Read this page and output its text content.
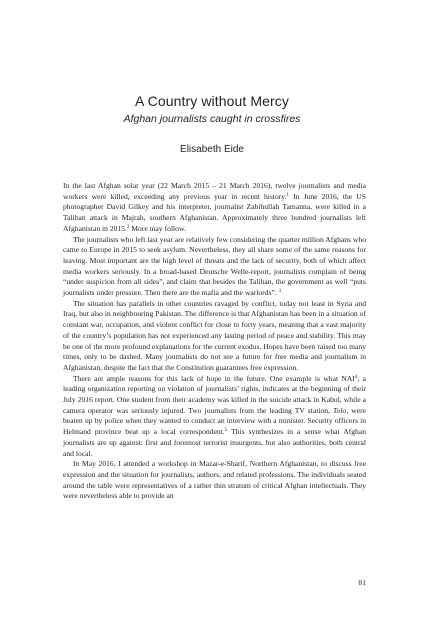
A Country without Mercy
Afghan journalists caught in crossfires
Elisabeth Eide

In the last Afghan solar year (22 March 2015 – 21 March 2016), twelve journalists and media workers were killed, exceeding any previous year in recent history.$^1$ In June 2016, the US photographer David Gilkey and his interpreter, journalist Zabihullah Tamanna, were killed in a Taliban attack in Majrah, southern Afghanistan. Approximately three hundred journalists left Afghanistan in 2015.$^2$ More may follow.

The journalists who left last year are relatively few considering the quarter million Afghans who came to Europe in 2015 to seek asylum. Nevertheless, they all share some of the same reasons for leaving. Most important are the high level of threats and the lack of security, both of which affect media workers seriously. In a broad-based Deutsche Welle-report, journalists complain of being “under suspicion from all sides”, and claim that besides the Taliban, the government as well “puts journalists under pressure. Then there are the mafia and the warlords”. $^3$

The situation has parallels in other countries ravaged by conflict, today not least in Syria and Iraq, but also in neighbouring Pakistan. The difference is that Afghanistan has been in a situation of constant war, occupation, and violent conflict for close to forty years, meaning that a vast majority of the country’s population has not experienced any lasting period of peace and stability. This may be one of the more profound explanations for the current exodus. Hopes have been raised too many times, only to be dashed. Many journalists do not see a future for free media and journalism in Afghanistan, despite the fact that the Constitution guarantees free expression.

There are ample reasons for this lack of hope in the future. One example is what NAI$^4$, a leading organization reporting on violation of journalists’ rights, indicates at the beginning of their July 2016 report. One student from their academy was killed in the suicide attack in Kabul, while a camera operator was seriously injured. Two journalists from the leading TV station, Tolo, were beaten up by police when they wanted to conduct an interview with a minister. Security officers in Helmand province beat up a local correspondent.$^5$ This synthesizes in a sense what Afghan journalists are up against: first and foremost terrorist insurgents, but also authorities, both central and local.

In May 2016, I attended a workshop in Mazar-e-Sharif, Northern Afghanistan, to discuss free expression and the situation for journalists, authors, and related professions. The individuals seated around the table were representatives of a rather thin stratum of critical Afghan intellectuals. They were nevertheless able to provide an

81
